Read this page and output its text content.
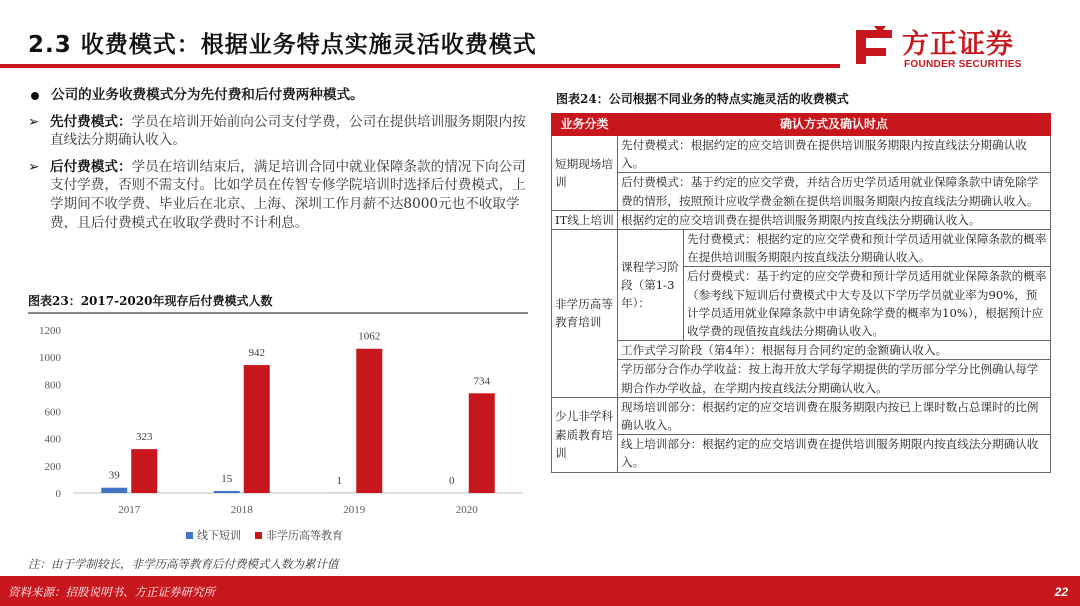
2.3 收费模式：根据业务特点实施灵活收费模式	方正证券
FOUNDER SECURITIES
公司的业务收费模式分为先付费和后付费两种模式。
➢ 先付费模式：学员在培训开始前向公司支付学费，公司在提供培训服务期限内按直线法分期确认收入。
➢ 后付费模式：学员在培训结束后，满足培训合同中就业保障条款的情况下向公司支付学费，否则不需支付。比如学员在传智专修学院培训时选择后付费模式，上学期间不收学费、毕业后在北京、上海、深圳工作月薪不达8000元也不收取学费，且后付费模式在收取学费时不计利息。
图表23：2017-2020年现存后付费模式人数
0
200
400
600
800
1000
1200
39
323
2017
15
942
2018
1
1062
2019
0
734
2020
线下短训 非学历高等教育
注：由于学制较长，非学历高等教育后付费模式人数为累计值
图表24：公司根据不同业务的特点实施灵活的收费模式
业务分类	确认方式及确认时点	
短期现场培训	先付费模式：根据约定的应交培训费在提供培训服务期限内按直线法分期确认收入。	
	后付费模式：基于约定的应交学费，并结合历史学员适用就业保障条款中请免除学费的情形，按照预计应收学费金额在提供培训服务期限内按直线法分期确认收入。	
IT线上培训	根据约定的应交培训费在提供培训服务期限内按直线法分期确认收入。	
非学历高等教育培训	课程学习阶段（第1-3年）：	先付费模式：根据约定的应交学费和预计学员适用就业保障条款的概率在提供培训服务期限内按直线法分期确认收入。
		后付费模式：基于约定的应交学费和预计学员适用就业保障条款的概率（参考线下短训后付费模式中大专及以下学历学员就业率为90%，预计学员适用就业保障条款中申请免除学费的概率为10%），根据预计应收学费的现值按直线法分期确认收入。
	工作式学习阶段（第4年）：根据每月合同约定的金额确认收入。	
	学历部分合作办学收益：按上海开放大学每学期提供的学历部分学分比例确认每学期合作办学收益，在学期内按直线法分期确认收入。	
少儿非学科素质教育培训	现场培训部分：根据约定的应交培训费在服务期限内按已上课时数占总课时的比例确认收入。	
	线上培训部分：根据约定的应交培训费在提供培训服务期限内按直线法分期确认收入。	
资料来源：招股说明书、方正证券研究所	22
